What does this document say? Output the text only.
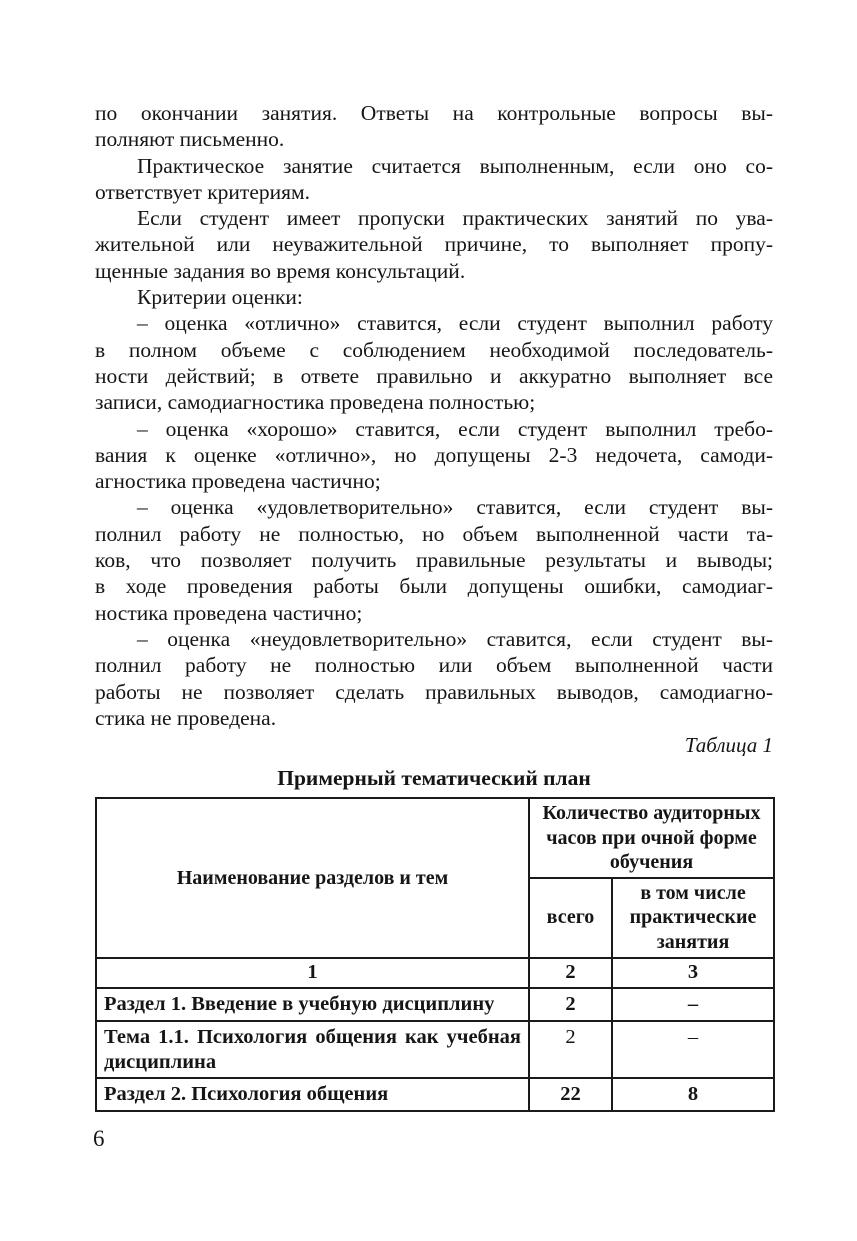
по окончании занятия. Ответы на контрольные вопросы вы-
полняют письменно.
Практическое занятие считается выполненным, если оно со-
ответствует критериям.
Если студент имеет пропуски практических занятий по ува-
жительной или неуважительной причине, то выполняет пропу-
щенные задания во время консультаций.
Критерии оценки:
– оценка «отлично» ставится, если студент выполнил работу
в полном объеме с соблюдением необходимой последователь-
ности действий; в ответе правильно и аккуратно выполняет все
записи, самодиагностика проведена полностью;
– оценка «хорошо» ставится, если студент выполнил требо-
вания к оценке «отлично», но допущены 2-3 недочета, самоди-
агностика проведена частично;
– оценка «удовлетворительно» ставится, если студент вы-
полнил работу не полностью, но объем выполненной части та-
ков, что позволяет получить правильные результаты и выводы;
в ходе проведения работы были допущены ошибки, самодиаг-
ностика проведена частично;
– оценка «неудовлетворительно» ставится, если студент вы-
полнил работу не полностью или объем выполненной части
работы не позволяет сделать правильных выводов, самодиагно-
стика не проведена.
Таблица 1
Примерный тематический план
Наименование разделов и тем	Количество аудиторных часов при очной форме обучения	
	всего	в том числе практические занятия
1	2	3
Раздел 1. Введение в учебную дисциплину	2	–
Тема 1.1. Психология общения как учебная дисциплина	2	–
Раздел 2. Психология общения	22	8
6
